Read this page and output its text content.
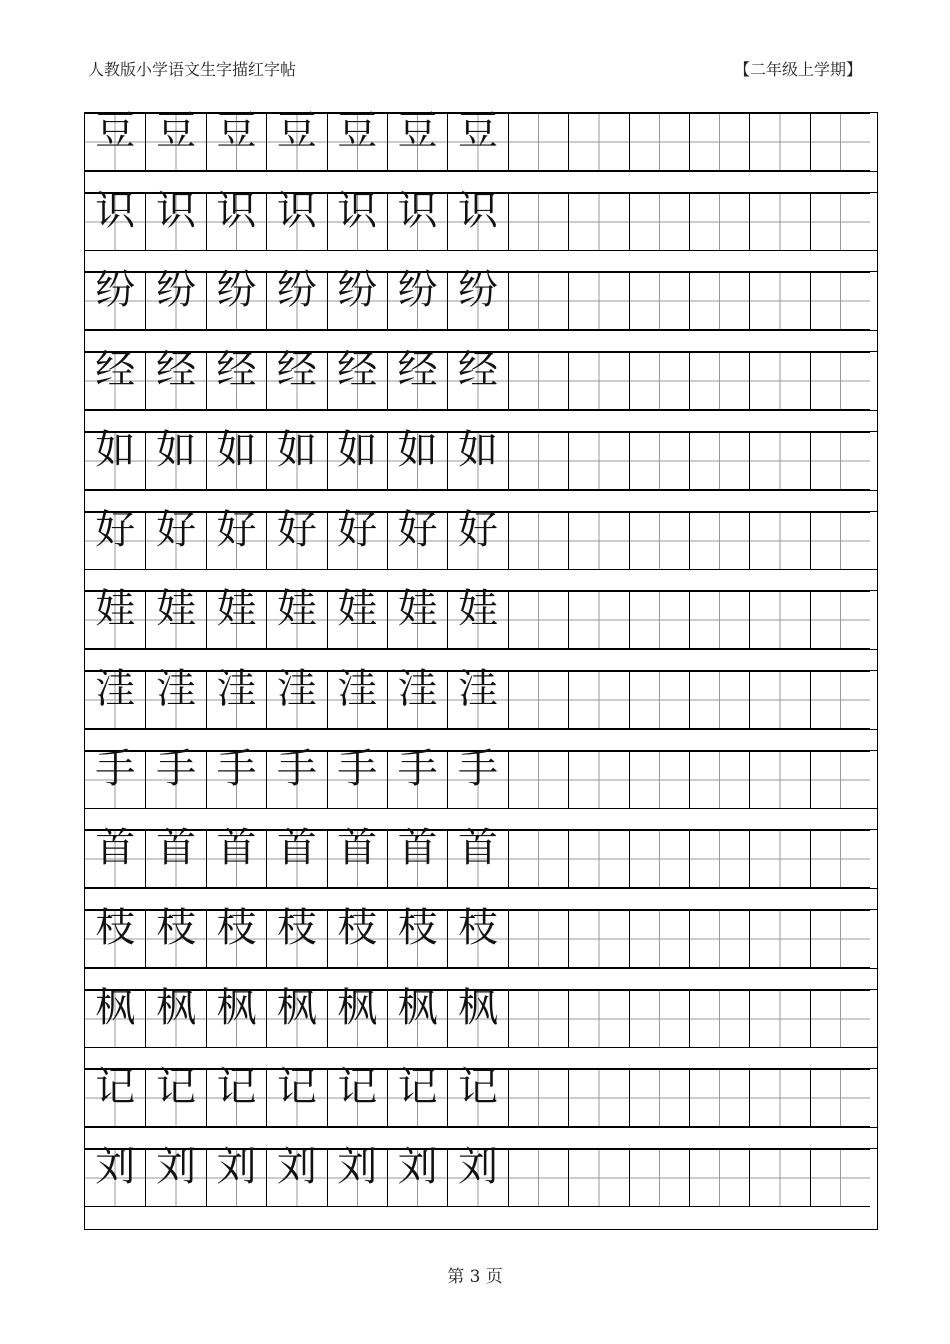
人教版小学语文生字描红字帖	【二年级上学期】
豆 豆 豆 豆 豆 豆 豆
识 识 识 识 识 识 识
纷 纷 纷 纷 纷 纷 纷
经 经 经 经 经 经 经
如 如 如 如 如 如 如
好 好 好 好 好 好 好
娃 娃 娃 娃 娃 娃 娃
洼 洼 洼 洼 洼 洼 洼
手 手 手 手 手 手 手
首 首 首 首 首 首 首
枝 枝 枝 枝 枝 枝 枝
枫 枫 枫 枫 枫 枫 枫
记 记 记 记 记 记 记
刘 刘 刘 刘 刘 刘 刘
第 3 页
